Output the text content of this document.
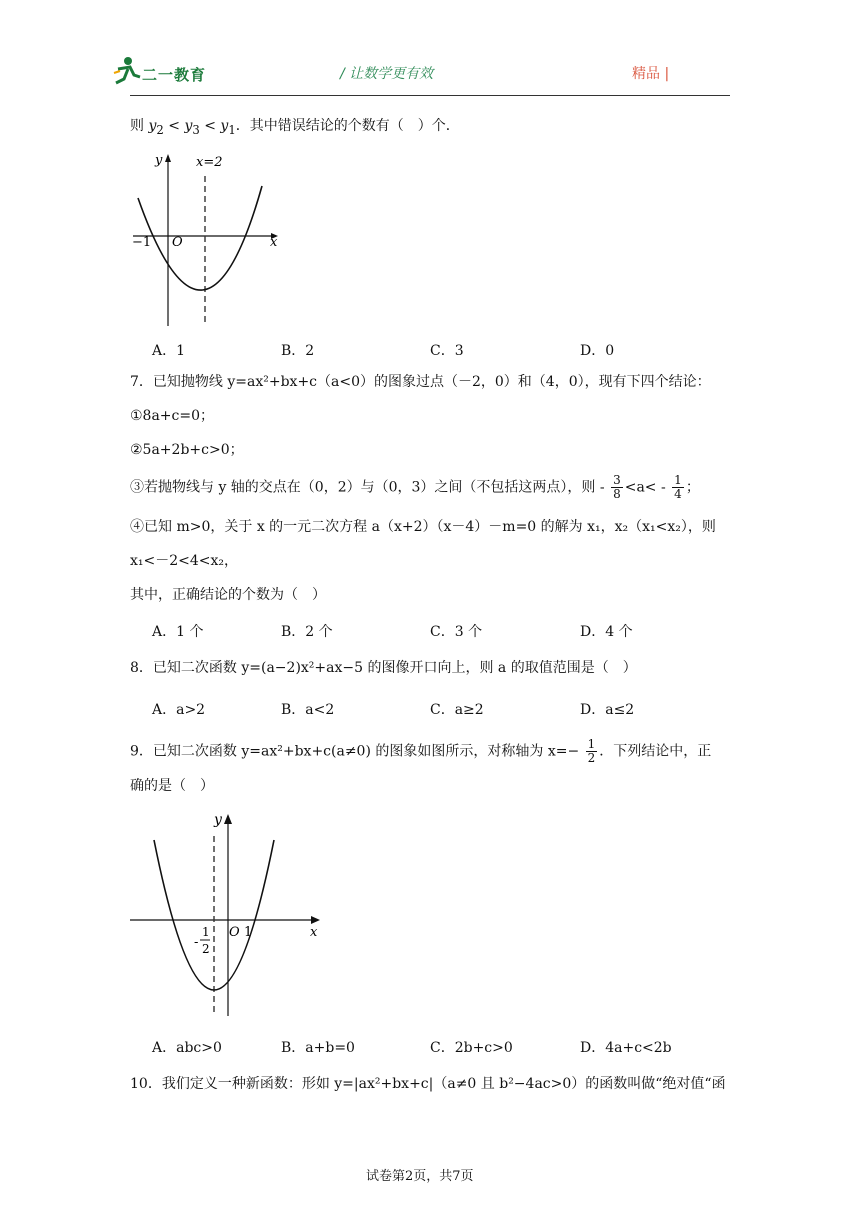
二一教育	/ 让数学更有效	精品 |
则 $y_2 < y_3 < y_1$．其中错误结论的个数有（　）个．
y
x
x=2
−1 O
A．1	B．2	C．3	D．0
7．已知抛物线 y=ax²+bx+c（a<0）的图象过点（－2，0）和（4，0），现有下四个结论：
①8a+c=0；
②5a+2b+c>0；
③若抛物线与 y 轴的交点在（0，2）与（0，3）之间（不包括这两点），则 - $\frac{3}{8} <a< - \frac{1}{4}$ ；
④已知 m>0，关于 x 的一元二次方程 a（x+2）（x－4）－m=0 的解为 x₁，x₂（x₁<x₂），则
x₁<－2<4<x₂，
其中，正确结论的个数为（　）
A．1 个	B．2 个	C．3 个	D．4 个
8．已知二次函数 y=(a−2)x²+ax−5 的图像开口向上，则 a 的取值范围是（　）
A．a>2	B．a<2	C．a≥2	D．a≤2
9．已知二次函数 y=ax²+bx+c(a≠0) 的图象如图所示，对称轴为 $x=- \frac{1}{2}$ ．下列结论中，正
确的是（　）
y
x
O 1
-
1
2
A．abc>0	B．a+b=0	C．2b+c>0	D．4a+c<2b
10．我们定义一种新函数：形如 y=|ax²+bx+c|（a≠0 且 b²−4ac>0）的函数叫做“绝对值“函
试卷第2页，共7页
